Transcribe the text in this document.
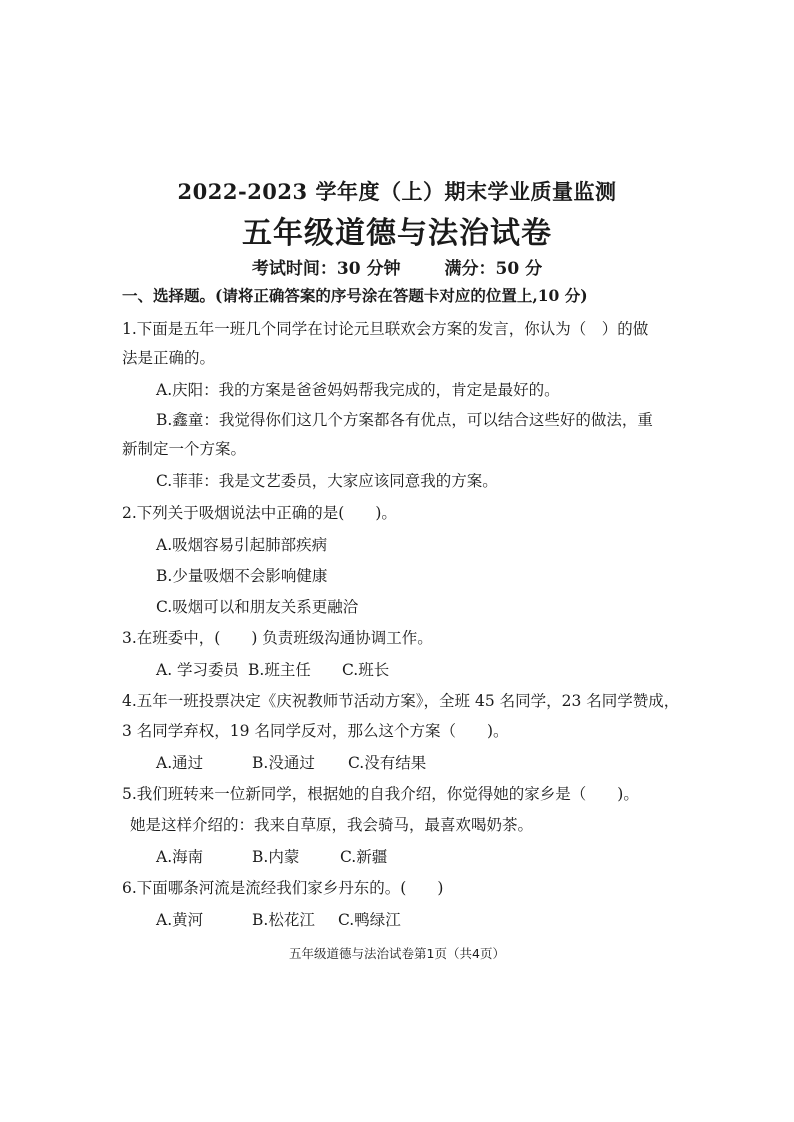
2022-2023 学年度（上）期末学业质量监测
五年级道德与法治试卷
考试时间：30 分钟	满分：50 分
一、选择题。(请将正确答案的序号涂在答题卡对应的位置上,10 分)
1.下面是五年一班几个同学在讨论元旦联欢会方案的发言，你认为（　）的做
法是正确的。
A.庆阳：我的方案是爸爸妈妈帮我完成的，肯定是最好的。
B.鑫童：我觉得你们这几个方案都各有优点，可以结合这些好的做法，重
新制定一个方案。
C.菲菲：我是文艺委员，大家应该同意我的方案。
2.下列关于吸烟说法中正确的是(　　)。
A.吸烟容易引起肺部疾病
B.少量吸烟不会影响健康
C.吸烟可以和朋友关系更融洽
3.在班委中，(　　) 负责班级沟通协调工作。
A. 学习委员 B.班主任 C.班长
4.五年一班投票决定《庆祝教师节活动方案》，全班 45 名同学，23 名同学赞成，
3 名同学弃权，19 名同学反对，那么这个方案（　　)。
A.通过	B.没通过 C.没有结果
5.我们班转来一位新同学，根据她的自我介绍，你觉得她的家乡是（　　)。
她是这样介绍的：我来自草原，我会骑马，最喜欢喝奶茶。
A.海南	B.内蒙	C.新疆
6.下面哪条河流是流经我们家乡丹东的。(　　)
A.黄河	B.松花江 C.鸭绿江
五年级道德与法治试卷第1页（共4页）
